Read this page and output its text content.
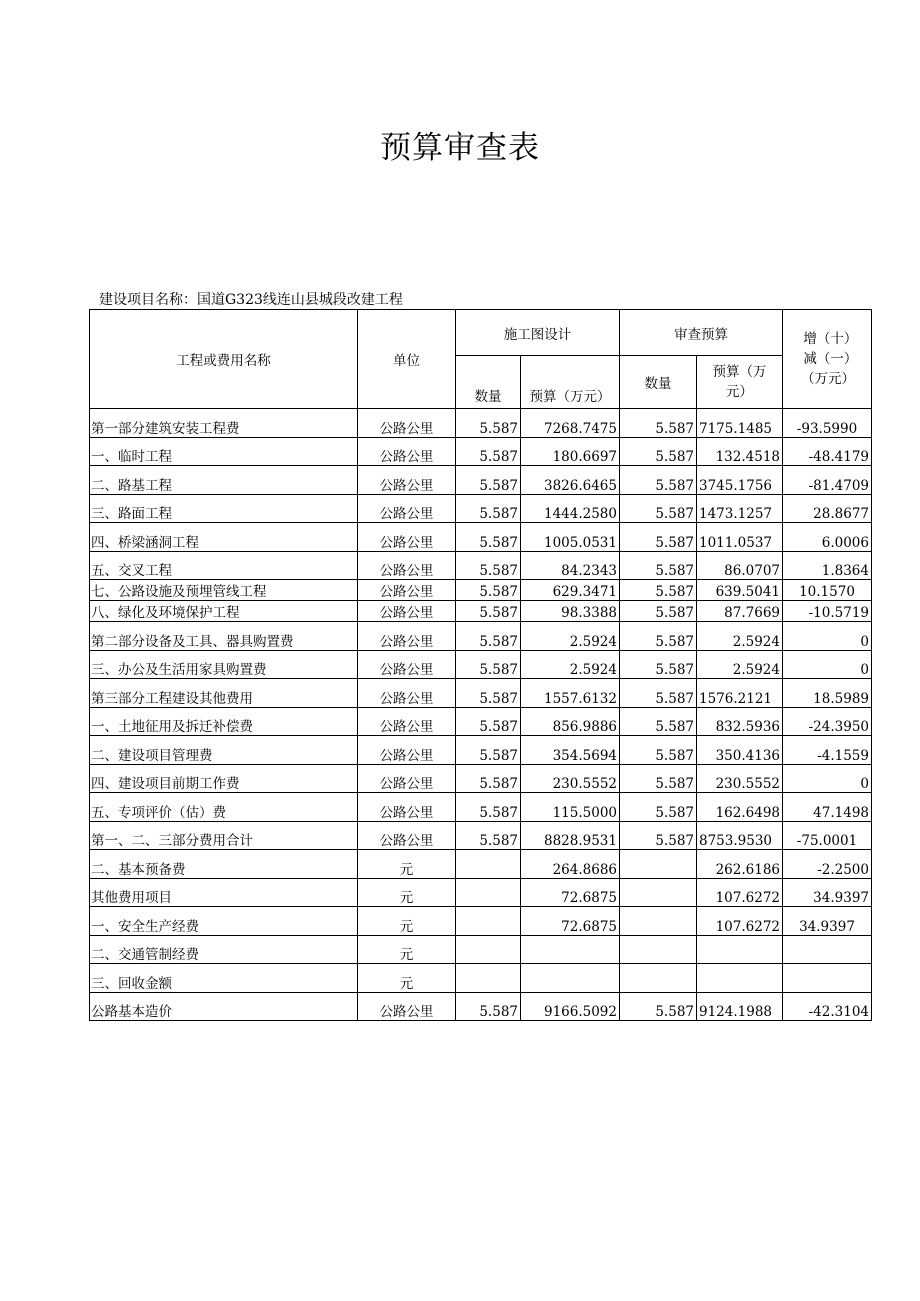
预算审查表
建设项目名称：国道G323线连山县城段改建工程
工程或费用名称	单位	施工图设计		审查预算		增（十）减（一）（万元）
		数量	预算（万元）	数量	预算（万元）	
第一部分建筑安装工程费	公路公里	5.587	7268.7475	5.587	7175.1485	-93.5990
一、临时工程	公路公里	5.587	180.6697	5.587	132.4518	-48.4179
二、路基工程	公路公里	5.587	3826.6465	5.587	3745.1756	-81.4709
三、路面工程	公路公里	5.587	1444.2580	5.587	1473.1257	28.8677
四、桥梁涵洞工程	公路公里	5.587	1005.0531	5.587	1011.0537	6.0006
五、交叉工程	公路公里	5.587	84.2343	5.587	86.0707	1.8364
七、公路设施及预埋管线工程	公路公里	5.587	629.3471	5.587	639.5041	10.1570
八、绿化及环境保护工程	公路公里	5.587	98.3388	5.587	87.7669	-10.5719
第二部分设备及工具、器具购置费	公路公里	5.587	2.5924	5.587	2.5924	0
三、办公及生活用家具购置费	公路公里	5.587	2.5924	5.587	2.5924	0
第三部分工程建设其他费用	公路公里	5.587	1557.6132	5.587	1576.2121	18.5989
一、土地征用及拆迁补偿费	公路公里	5.587	856.9886	5.587	832.5936	-24.3950
二、建设项目管理费	公路公里	5.587	354.5694	5.587	350.4136	-4.1559
四、建设项目前期工作费	公路公里	5.587	230.5552	5.587	230.5552	0
五、专项评价（估）费	公路公里	5.587	115.5000	5.587	162.6498	47.1498
第一、二、三部分费用合计	公路公里	5.587	8828.9531	5.587	8753.9530	-75.0001
二、基本预备费	元		264.8686		262.6186	-2.2500
其他费用项目	元		72.6875		107.6272	34.9397
一、安全生产经费	元		72.6875		107.6272	34.9397
二、交通管制经费	元					
三、回收金额	元					
公路基本造价	公路公里	5.587	9166.5092	5.587	9124.1988	-42.3104
